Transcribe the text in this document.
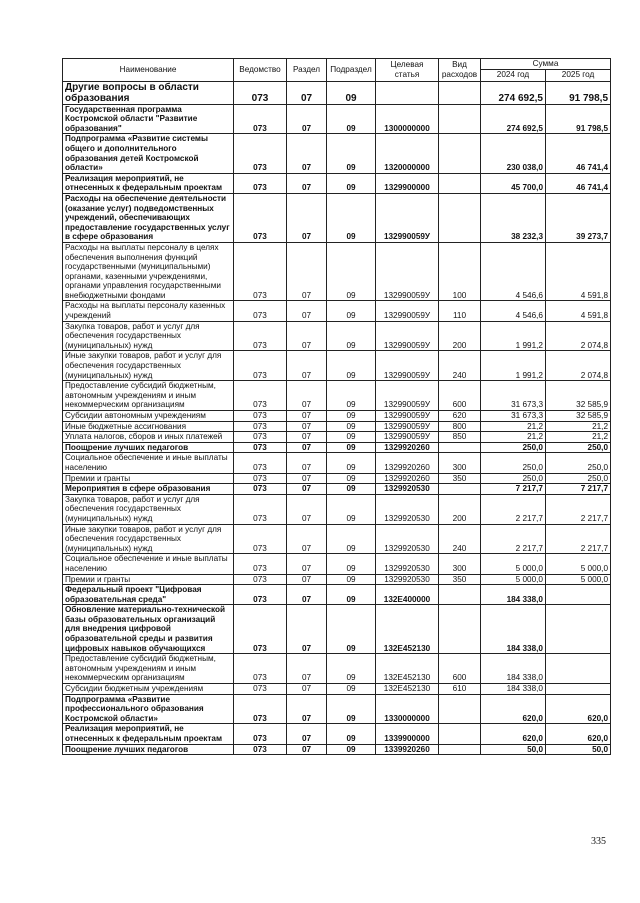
Наименование	Ведомство	Раздел	Подраздел	Целевая статья	Вид расходов	Сумма	
						2024 год	2025 год
Другие вопросы в области образования	073	07	09			274 692,5	91 798,5
Государственная программа Костромской области "Развитие образования"	073	07	09	1300000000		274 692,5	91 798,5
Подпрограмма «Развитие системы общего и дополнительного образования детей Костромской области»	073	07	09	1320000000		230 038,0	46 741,4
Реализация мероприятий, не отнесенных к федеральным проектам	073	07	09	1329900000		45 700,0	46 741,4
Расходы на обеспечение деятельности (оказание услуг) подведомственных учреждений, обеспечивающих предоставление государственных услуг в сфере образования	073	07	09	132990059У		38 232,3	39 273,7
Расходы на выплаты персоналу в целях обеспечения выполнения функций государственными (муниципальными) органами, казенными учреждениями, органами управления государственными внебюджетными фондами	073	07	09	132990059У	100	4 546,6	4 591,8
Расходы на выплаты персоналу казенных учреждений	073	07	09	132990059У	110	4 546,6	4 591,8
Закупка товаров, работ и услуг для обеспечения государственных (муниципальных) нужд	073	07	09	132990059У	200	1 991,2	2 074,8
Иные закупки товаров, работ и услуг для обеспечения государственных (муниципальных) нужд	073	07	09	132990059У	240	1 991,2	2 074,8
Предоставление субсидий бюджетным, автономным учреждениям и иным некоммерческим организациям	073	07	09	132990059У	600	31 673,3	32 585,9
Субсидии автономным учреждениям	073	07	09	132990059У	620	31 673,3	32 585,9
Иные бюджетные ассигнования	073	07	09	132990059У	800	21,2	21,2
Уплата налогов, сборов и иных платежей	073	07	09	132990059У	850	21,2	21,2
Поощрение лучших педагогов	073	07	09	1329920260		250,0	250,0
Социальное обеспечение и иные выплаты населению	073	07	09	1329920260	300	250,0	250,0
Премии и гранты	073	07	09	1329920260	350	250,0	250,0
Мероприятия в сфере образования	073	07	09	1329920530		7 217,7	7 217,7
Закупка товаров, работ и услуг для обеспечения государственных (муниципальных) нужд	073	07	09	1329920530	200	2 217,7	2 217,7
Иные закупки товаров, работ и услуг для обеспечения государственных (муниципальных) нужд	073	07	09	1329920530	240	2 217,7	2 217,7
Социальное обеспечение и иные выплаты населению	073	07	09	1329920530	300	5 000,0	5 000,0
Премии и гранты	073	07	09	1329920530	350	5 000,0	5 000,0
Федеральный проект "Цифровая образовательная среда"	073	07	09	132E400000		184 338,0	
Обновление материально-технической базы образовательных организаций для внедрения цифровой образовательной среды и развития цифровых навыков обучающихся	073	07	09	132E452130		184 338,0	
Предоставление субсидий бюджетным, автономным учреждениям и иным некоммерческим организациям	073	07	09	132E452130	600	184 338,0	
Субсидии бюджетным учреждениям	073	07	09	132E452130	610	184 338,0	
Подпрограмма «Развитие профессионального образования Костромской области»	073	07	09	1330000000		620,0	620,0
Реализация мероприятий, не отнесенных к федеральным проектам	073	07	09	1339900000		620,0	620,0
Поощрение лучших педагогов	073	07	09	1339920260		50,0	50,0
335
